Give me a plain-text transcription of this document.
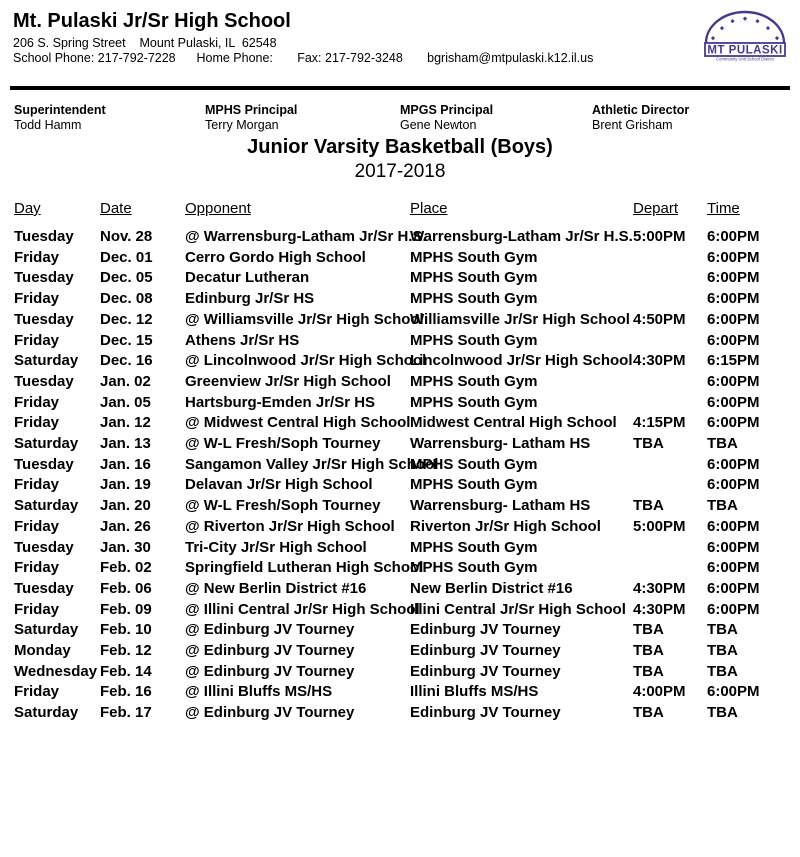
Mt. Pulaski Jr/Sr High School
206 S. Spring Street    Mount Pulaski, IL  62548
School Phone: 217-792-7228      Home Phone:       Fax: 217-792-3248       bgrisham@mtpulaski.k12.il.us
MT PULASKI
Community Unit School District
Superintendent
Todd Hamm
MPHS Principal
Terry Morgan
MPGS Principal
Gene Newton
Athletic Director
Brent Grisham
Junior Varsity Basketball (Boys)
2017-2018
Day	Date	Opponent	Place	Depart	Time
Tuesday	Nov. 28	@ Warrensburg-Latham Jr/Sr H.S.	Warrensburg-Latham Jr/Sr H.S.	5:00PM	6:00PM
Friday	Dec. 01	Cerro Gordo High School	MPHS South Gym		6:00PM
Tuesday	Dec. 05	Decatur Lutheran	MPHS South Gym		6:00PM
Friday	Dec. 08	Edinburg Jr/Sr HS	MPHS South Gym		6:00PM
Tuesday	Dec. 12	@ Williamsville Jr/Sr High School	Williamsville Jr/Sr High School	4:50PM	6:00PM
Friday	Dec. 15	Athens Jr/Sr HS	MPHS South Gym		6:00PM
Saturday	Dec. 16	@ Lincolnwood Jr/Sr High School	Lincolnwood Jr/Sr High School	4:30PM	6:15PM
Tuesday	Jan. 02	Greenview Jr/Sr High School	MPHS South Gym		6:00PM
Friday	Jan. 05	Hartsburg-Emden Jr/Sr HS	MPHS South Gym		6:00PM
Friday	Jan. 12	@ Midwest Central High School	Midwest Central High School	4:15PM	6:00PM
Saturday	Jan. 13	@ W-L Fresh/Soph Tourney	Warrensburg- Latham HS	TBA	TBA
Tuesday	Jan. 16	Sangamon Valley Jr/Sr High School	MPHS South Gym		6:00PM
Friday	Jan. 19	Delavan Jr/Sr High School	MPHS South Gym		6:00PM
Saturday	Jan. 20	@ W-L Fresh/Soph Tourney	Warrensburg- Latham HS	TBA	TBA
Friday	Jan. 26	@ Riverton Jr/Sr High School	Riverton Jr/Sr High School	5:00PM	6:00PM
Tuesday	Jan. 30	Tri-City Jr/Sr High School	MPHS South Gym		6:00PM
Friday	Feb. 02	Springfield Lutheran High School	MPHS South Gym		6:00PM
Tuesday	Feb. 06	@ New Berlin District #16	New Berlin District #16	4:30PM	6:00PM
Friday	Feb. 09	@ Illini Central Jr/Sr High School	Illini Central Jr/Sr High School	4:30PM	6:00PM
Saturday	Feb. 10	@ Edinburg JV Tourney	Edinburg JV Tourney	TBA	TBA
Monday	Feb. 12	@ Edinburg JV Tourney	Edinburg JV Tourney	TBA	TBA
Wednesday	Feb. 14	@ Edinburg JV Tourney	Edinburg JV Tourney	TBA	TBA
Friday	Feb. 16	@ Illini Bluffs MS/HS	Illini Bluffs MS/HS	4:00PM	6:00PM
Saturday	Feb. 17	@ Edinburg JV Tourney	Edinburg JV Tourney	TBA	TBA
